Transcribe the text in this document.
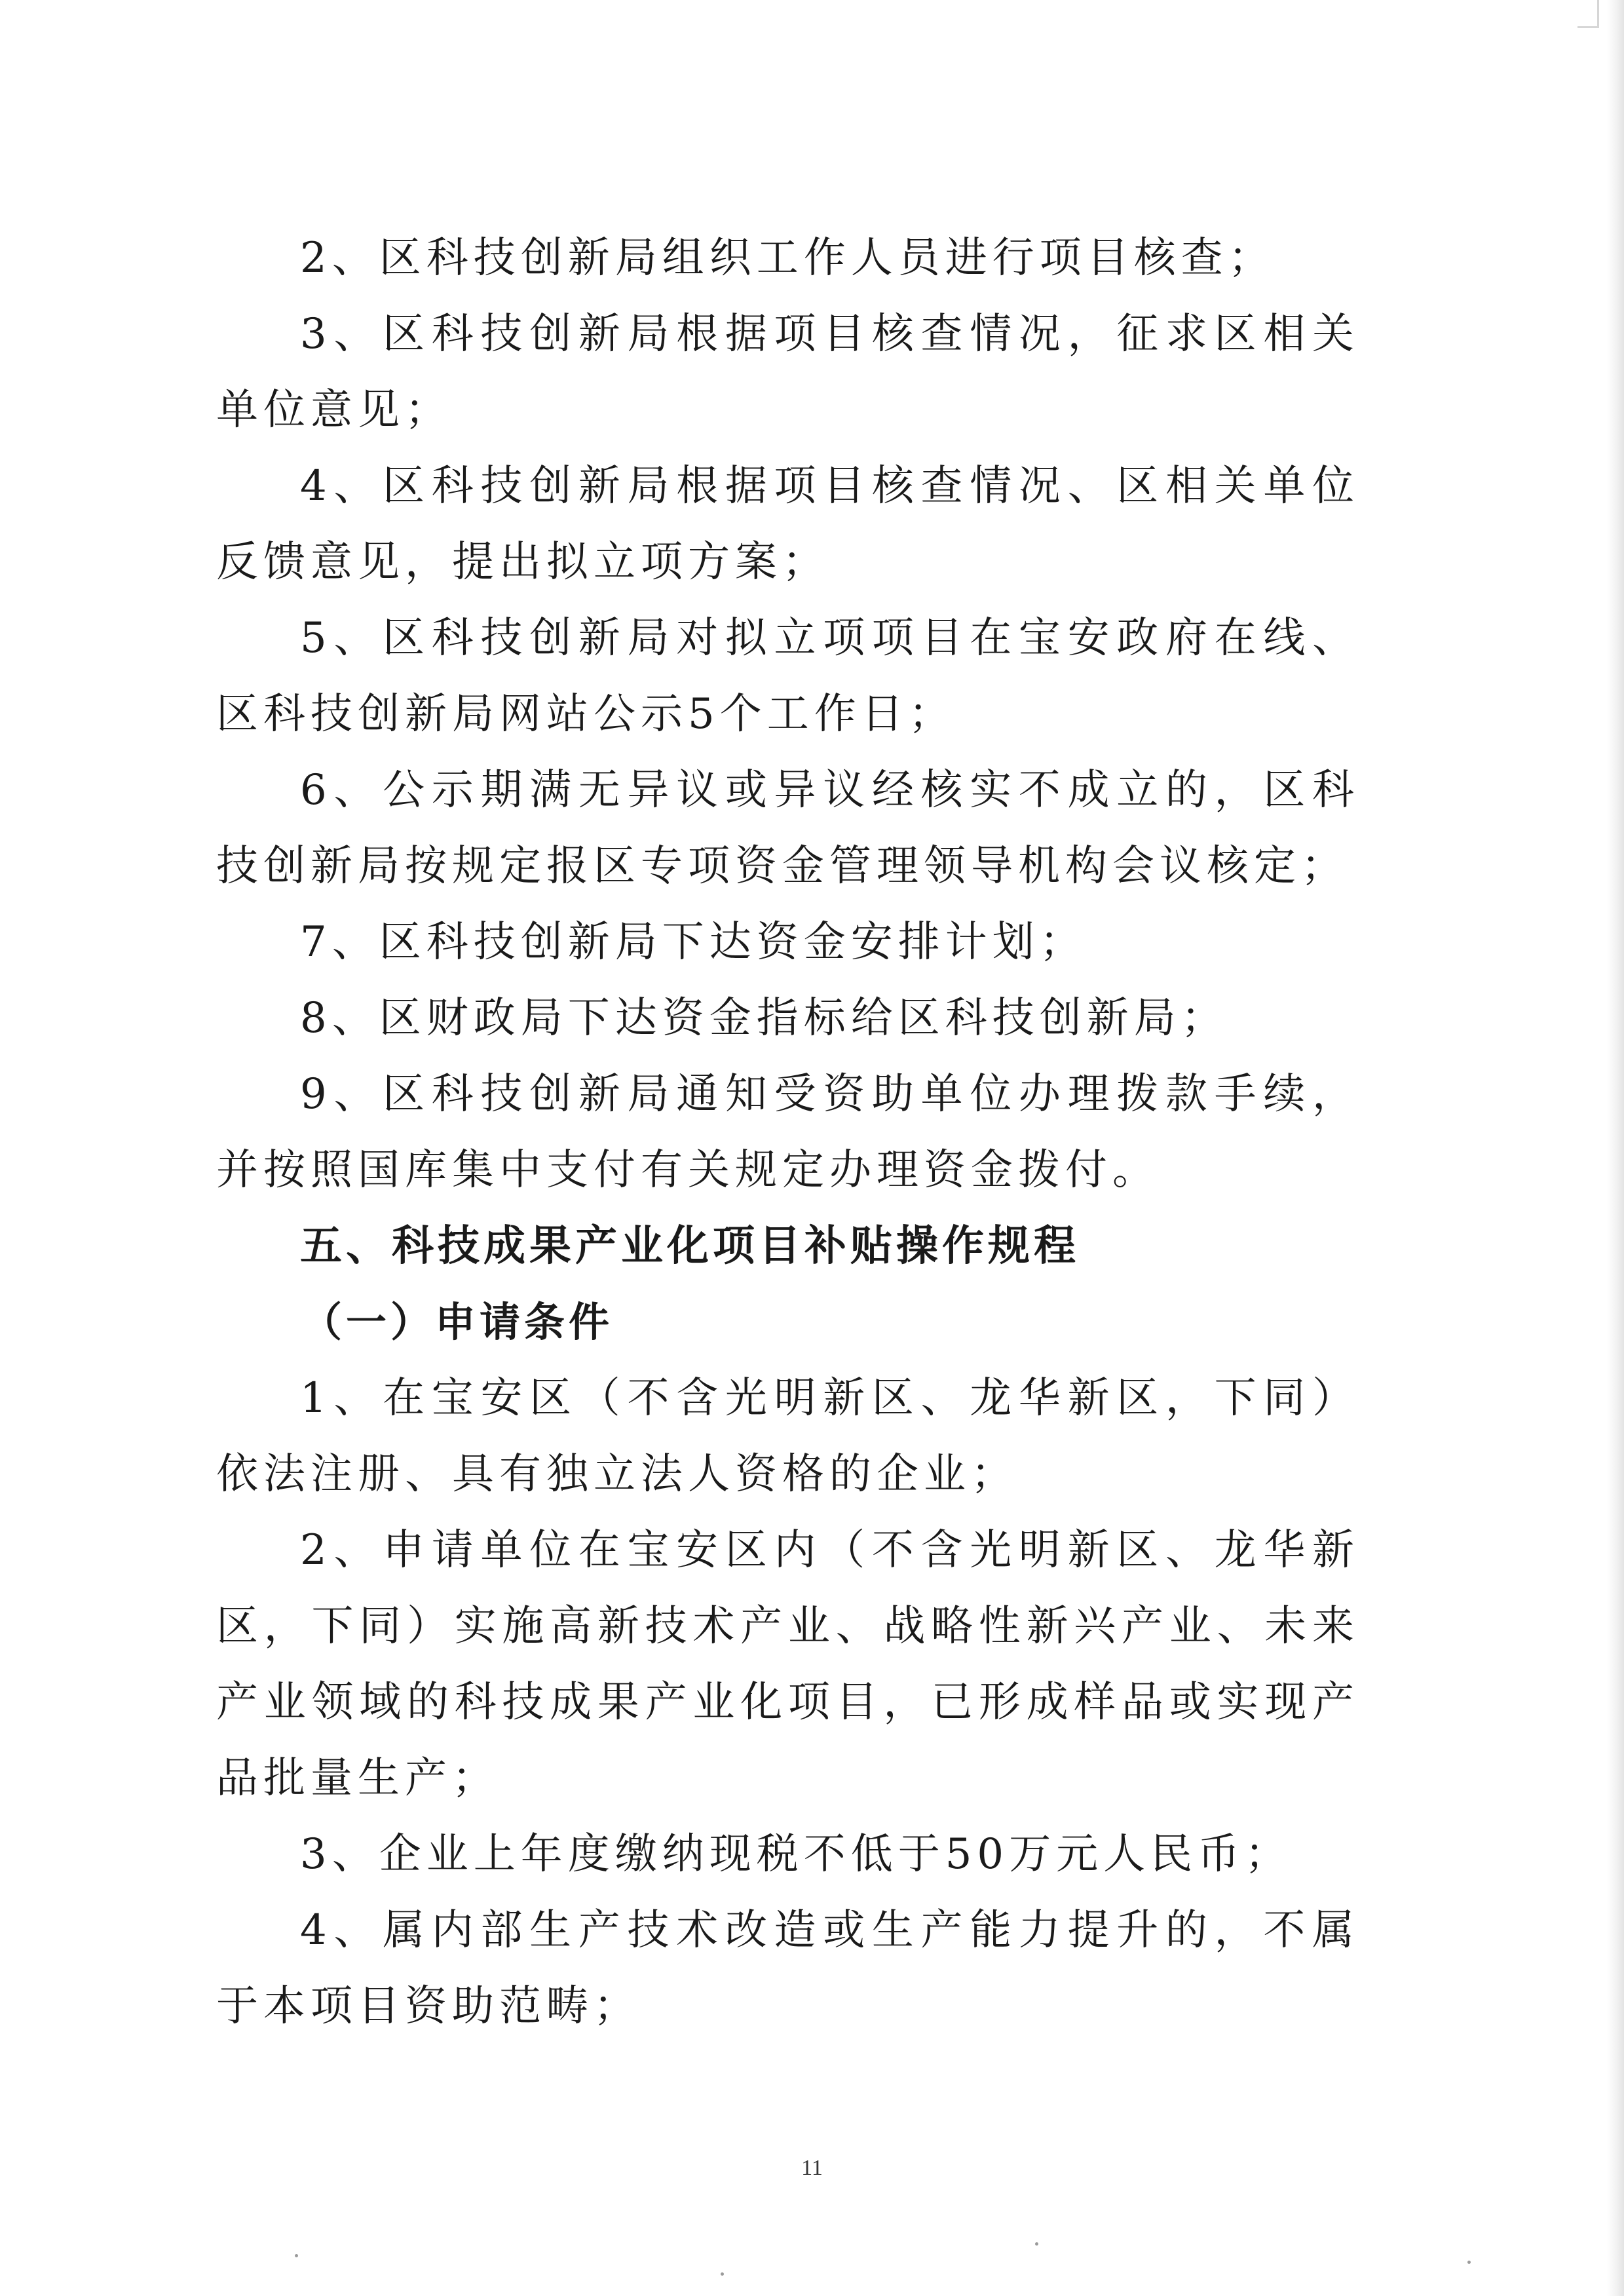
2、区科技创新局组织工作人员进行项目核查；

3、区科技创新局根据项目核查情况，征求区相关单位意见；

4、区科技创新局根据项目核查情况、区相关单位反馈意见，提出拟立项方案；

5、区科技创新局对拟立项项目在宝安政府在线、区科技创新局网站公示5个工作日；

6、公示期满无异议或异议经核实不成立的，区科技创新局按规定报区专项资金管理领导机构会议核定；

7、区科技创新局下达资金安排计划；

8、区财政局下达资金指标给区科技创新局；

9、区科技创新局通知受资助单位办理拨款手续，并按照国库集中支付有关规定办理资金拨付。

五、科技成果产业化项目补贴操作规程

（一）申请条件

1、在宝安区（不含光明新区、龙华新区，下同）依法注册、具有独立法人资格的企业；

2、申请单位在宝安区内（不含光明新区、龙华新区，下同）实施高新技术产业、战略性新兴产业、未来产业领域的科技成果产业化项目，已形成样品或实现产品批量生产；

3、企业上年度缴纳现税不低于50万元人民币；

4、属内部生产技术改造或生产能力提升的，不属于本项目资助范畴；

11
